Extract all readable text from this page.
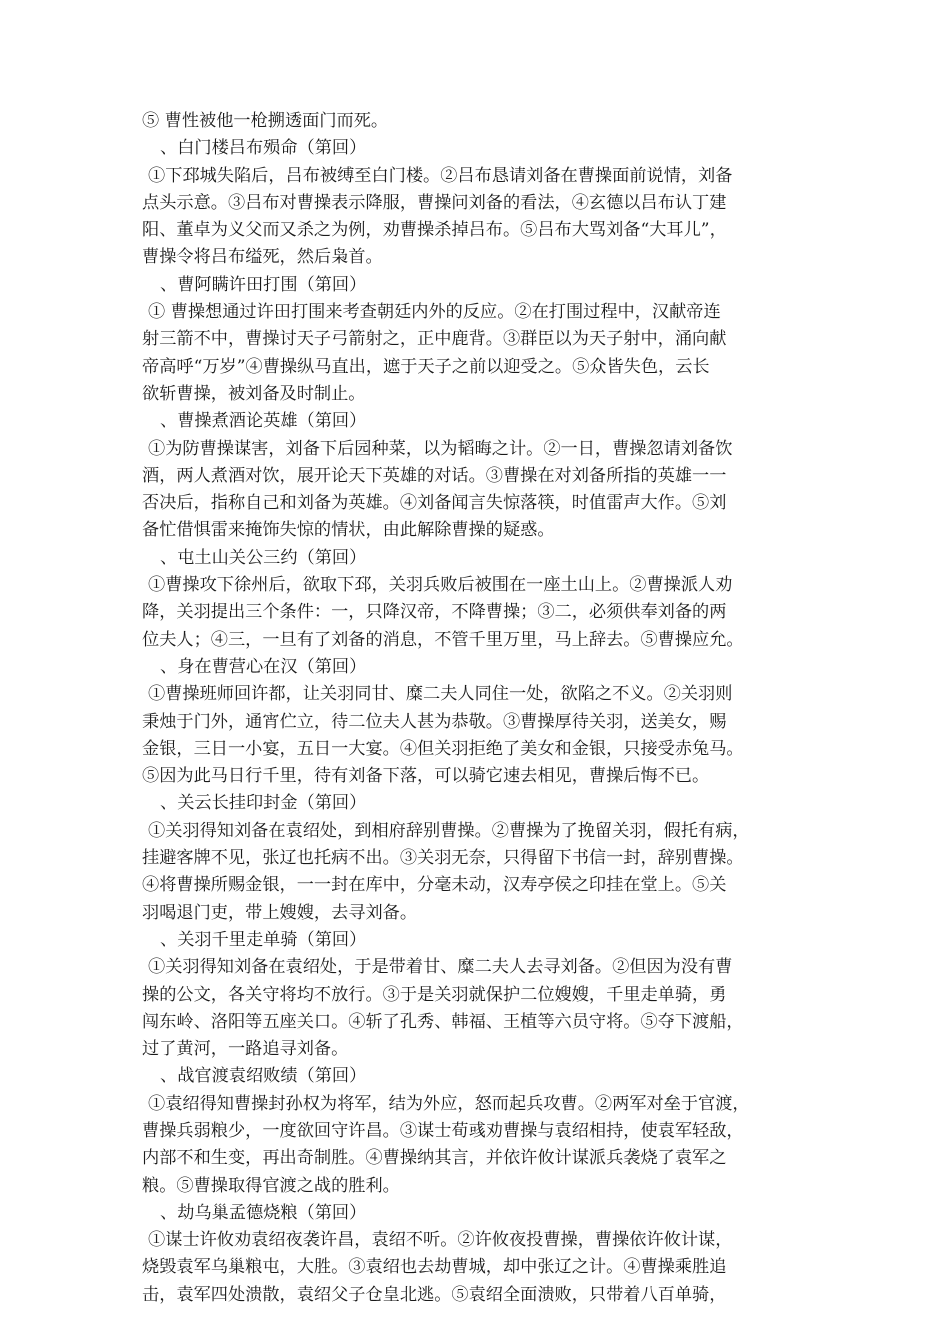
⑤ 曹性被他一枪搠透面门而死。
、白门楼吕布殒命（第回）
①下邳城失陷后，吕布被缚至白门楼。②吕布恳请刘备在曹操面前说情，刘备
点头示意。③吕布对曹操表示降服，曹操问刘备的看法，④玄德以吕布认丁建
阳、董卓为义父而又杀之为例，劝曹操杀掉吕布。⑤吕布大骂刘备“大耳儿”，
曹操令将吕布缢死，然后枭首。
、曹阿瞒许田打围（第回）
① 曹操想通过许田打围来考查朝廷内外的反应。②在打围过程中，汉献帝连
射三箭不中，曹操讨天子弓箭射之，正中鹿背。③群臣以为天子射中，涌向献
帝高呼“万岁”④曹操纵马直出，遮于天子之前以迎受之。⑤众皆失色，云长
欲斩曹操，被刘备及时制止。
、曹操煮酒论英雄（第回）
①为防曹操谋害，刘备下后园种菜，以为韬晦之计。②一日，曹操忽请刘备饮
酒，两人煮酒对饮，展开论天下英雄的对话。③曹操在对刘备所指的英雄一一
否决后，指称自己和刘备为英雄。④刘备闻言失惊落筷，时值雷声大作。⑤刘
备忙借惧雷来掩饰失惊的情状，由此解除曹操的疑惑。
、屯土山关公三约（第回）
①曹操攻下徐州后，欲取下邳，关羽兵败后被围在一座土山上。②曹操派人劝
降，关羽提出三个条件：一，只降汉帝，不降曹操；③二，必须供奉刘备的两
位夫人；④三，一旦有了刘备的消息，不管千里万里，马上辞去。⑤曹操应允。
、身在曹营心在汉（第回）
①曹操班师回许都，让关羽同甘、糜二夫人同住一处，欲陷之不义。②关羽则
秉烛于门外，通宵伫立，待二位夫人甚为恭敬。③曹操厚待关羽，送美女，赐
金银，三日一小宴，五日一大宴。④但关羽拒绝了美女和金银，只接受赤兔马。
⑤因为此马日行千里，待有刘备下落，可以骑它速去相见，曹操后悔不已。
、关云长挂印封金（第回）
①关羽得知刘备在袁绍处，到相府辞别曹操。②曹操为了挽留关羽，假托有病，
挂避客牌不见，张辽也托病不出。③关羽无奈，只得留下书信一封，辞别曹操。
④将曹操所赐金银，一一封在库中，分毫未动，汉寿亭侯之印挂在堂上。⑤关
羽喝退门吏，带上嫂嫂，去寻刘备。
、关羽千里走单骑（第回）
①关羽得知刘备在袁绍处，于是带着甘、糜二夫人去寻刘备。②但因为没有曹
操的公文，各关守将均不放行。③于是关羽就保护二位嫂嫂，千里走单骑，勇
闯东岭、洛阳等五座关口。④斩了孔秀、韩福、王植等六员守将。⑤夺下渡船，
过了黄河，一路追寻刘备。
、战官渡袁绍败绩（第回）
①袁绍得知曹操封孙权为将军，结为外应，怒而起兵攻曹。②两军对垒于官渡，
曹操兵弱粮少，一度欲回守许昌。③谋士荀彧劝曹操与袁绍相持，使袁军轻敌，
内部不和生变，再出奇制胜。④曹操纳其言，并依许攸计谋派兵袭烧了袁军之
粮。⑤曹操取得官渡之战的胜利。
、劫乌巢孟德烧粮（第回）
①谋士许攸劝袁绍夜袭许昌，袁绍不听。②许攸夜投曹操，曹操依许攸计谋，
烧毁袁军乌巢粮屯，大胜。③袁绍也去劫曹城，却中张辽之计。④曹操乘胜追
击，袁军四处溃散，袁绍父子仓皇北逃。⑤袁绍全面溃败，只带着八百单骑，
